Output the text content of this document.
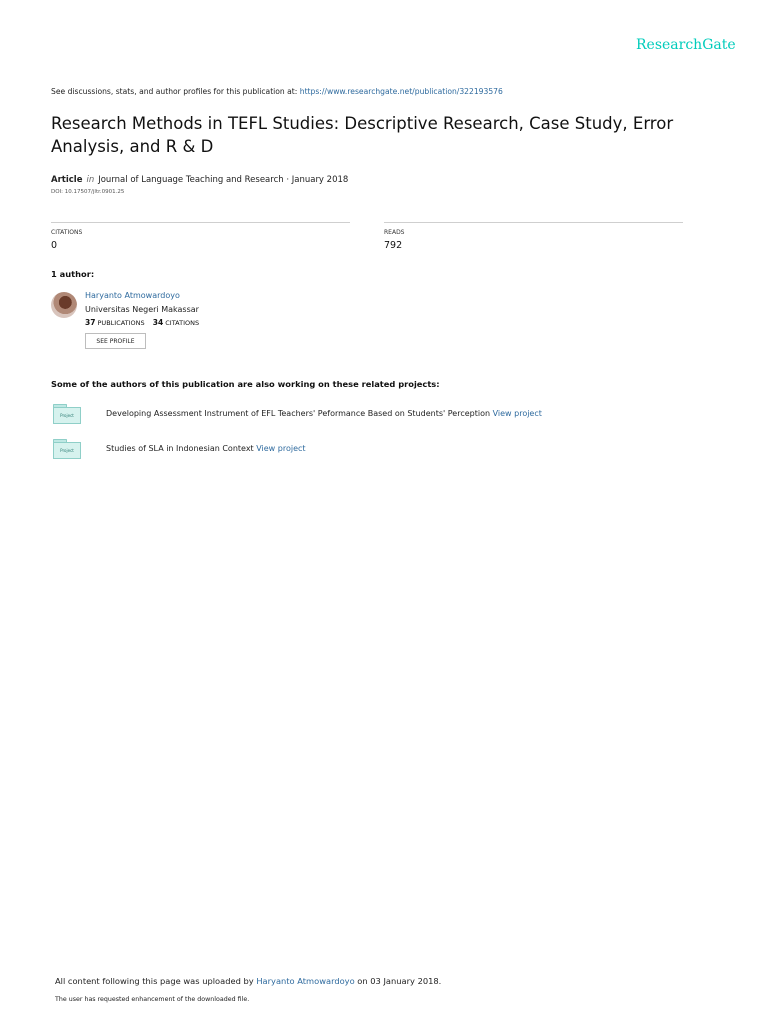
ResearchGate
See discussions, stats, and author profiles for this publication at: https://www.researchgate.net/publication/322193576
Research Methods in TEFL Studies: Descriptive Research, Case Study, Error Analysis, and R & D
Article in Journal of Language Teaching and Research · January 2018
DOI: 10.17507/jltr.0901.25
CITATIONS
0
READS
792
1 author:
Haryanto Atmowardoyo
Universitas Negeri Makassar
37 PUBLICATIONS 34 CITATIONS
SEE PROFILE
Some of the authors of this publication are also working on these related projects:
Project	Developing Assessment Instrument of EFL Teachers' Peformance Based on Students' Perception View project
Project	Studies of SLA in Indonesian Context View project
All content following this page was uploaded by Haryanto Atmowardoyo on 03 January 2018.
The user has requested enhancement of the downloaded file.
